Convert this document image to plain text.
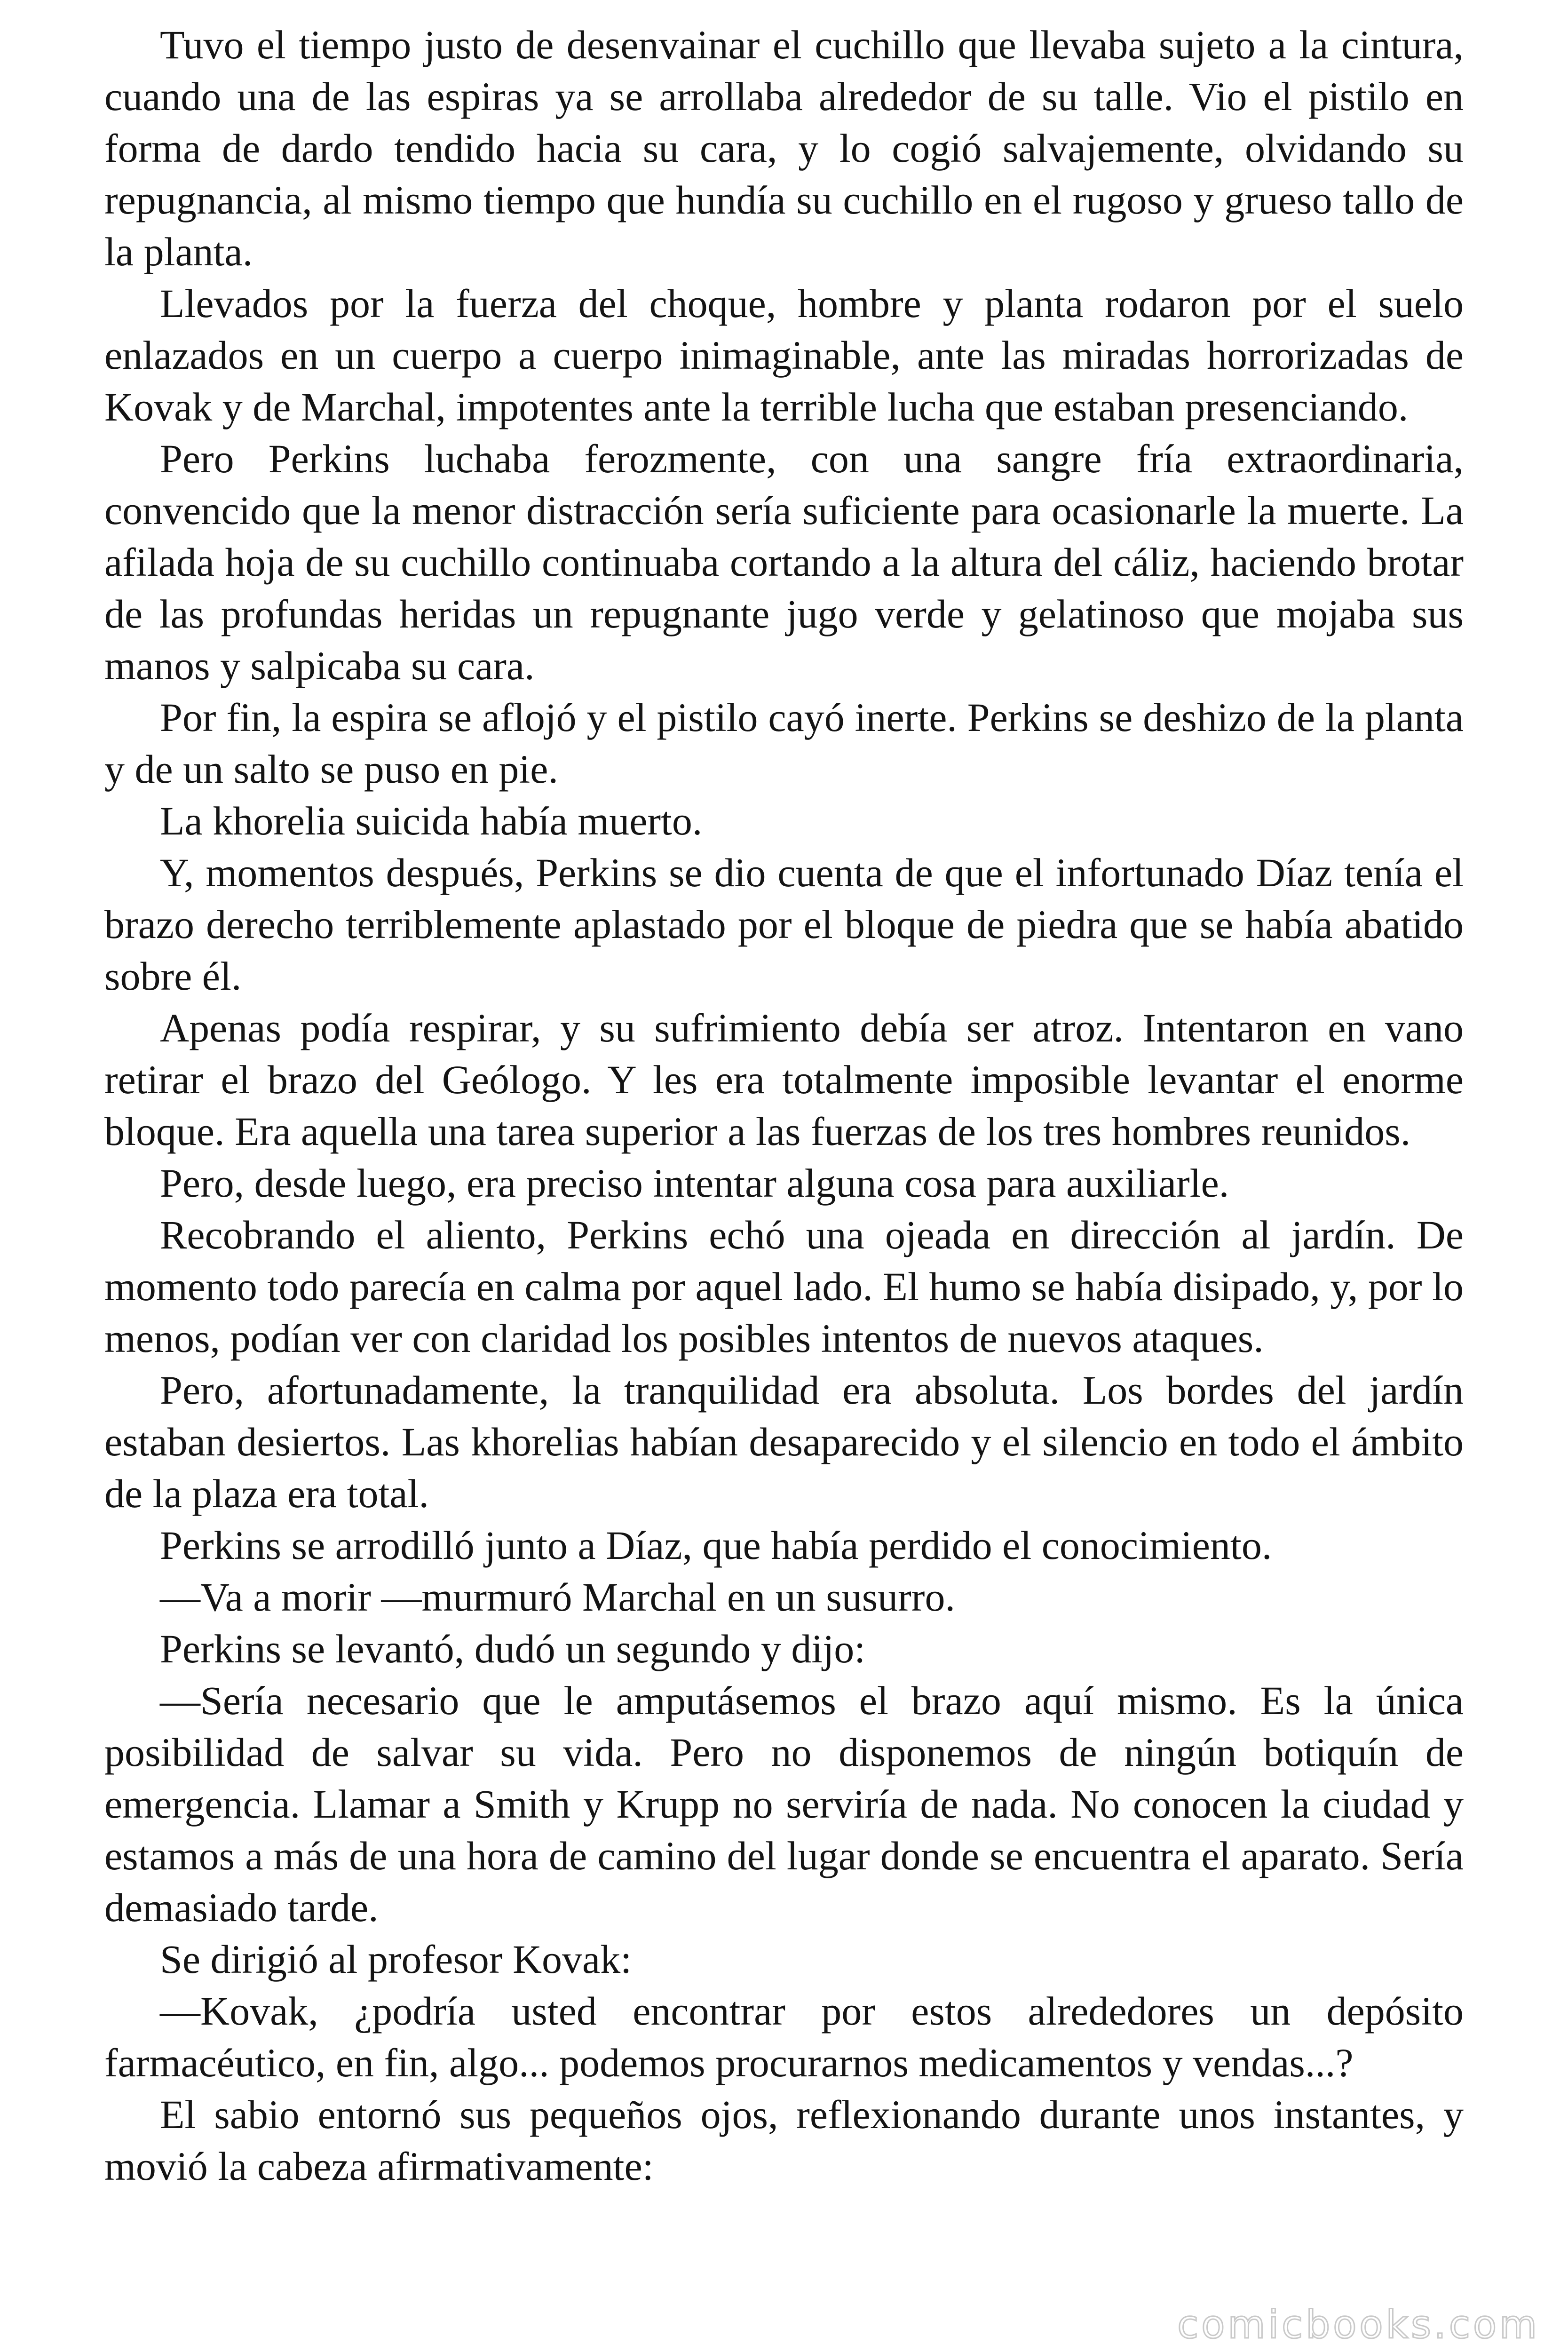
Tuvo el tiempo justo de desenvainar el cuchillo que llevaba sujeto a la cintura, cuando una de las espiras ya se arrollaba alrededor de su talle. Vio el pistilo en forma de dardo tendido hacia su cara, y lo cogió salvajemente, olvidando su repugnancia, al mismo tiempo que hundía su cuchillo en el rugoso y grueso tallo de la planta.

Llevados por la fuerza del choque, hombre y planta rodaron por el suelo enlazados en un cuerpo a cuerpo inimaginable, ante las miradas horrorizadas de Kovak y de Marchal, impotentes ante la terrible lucha que estaban presenciando.

Pero Perkins luchaba ferozmente, con una sangre fría extraordinaria, convencido que la menor distracción sería suficiente para ocasionarle la muerte. La afilada hoja de su cuchillo continuaba cortando a la altura del cáliz, haciendo brotar de las profundas heridas un repugnante jugo verde y gelatinoso que mojaba sus manos y salpicaba su cara.

Por fin, la espira se aflojó y el pistilo cayó inerte. Perkins se deshizo de la planta y de un salto se puso en pie.

La khorelia suicida había muerto.

Y, momentos después, Perkins se dio cuenta de que el infortunado Díaz tenía el brazo derecho terriblemente aplastado por el bloque de piedra que se había abatido sobre él.

Apenas podía respirar, y su sufrimiento debía ser atroz. Intentaron en vano retirar el brazo del Geólogo. Y les era totalmente imposible levantar el enorme bloque. Era aquella una tarea superior a las fuerzas de los tres hombres reunidos.

Pero, desde luego, era preciso intentar alguna cosa para auxiliarle.

Recobrando el aliento, Perkins echó una ojeada en dirección al jardín. De momento todo parecía en calma por aquel lado. El humo se había disipado, y, por lo menos, podían ver con claridad los posibles intentos de nuevos ataques.

Pero, afortunadamente, la tranquilidad era absoluta. Los bordes del jardín estaban desiertos. Las khorelias habían desaparecido y el silencio en todo el ámbito de la plaza era total.

Perkins se arrodilló junto a Díaz, que había perdido el conocimiento.

—Va a morir —murmuró Marchal en un susurro.

Perkins se levantó, dudó un segundo y dijo:

—Sería necesario que le amputásemos el brazo aquí mismo. Es la única posibilidad de salvar su vida. Pero no disponemos de ningún botiquín de emergencia. Llamar a Smith y Krupp no serviría de nada. No conocen la ciudad y estamos a más de una hora de camino del lugar donde se encuentra el aparato. Sería demasiado tarde.

Se dirigió al profesor Kovak:

—Kovak, ¿podría usted encontrar por estos alrededores un depósito farmacéutico, en fin, algo... podemos procurarnos medicamentos y vendas...?

El sabio entornó sus pequeños ojos, reflexionando durante unos instantes, y movió la cabeza afirmativamente:

comicbooks.com
